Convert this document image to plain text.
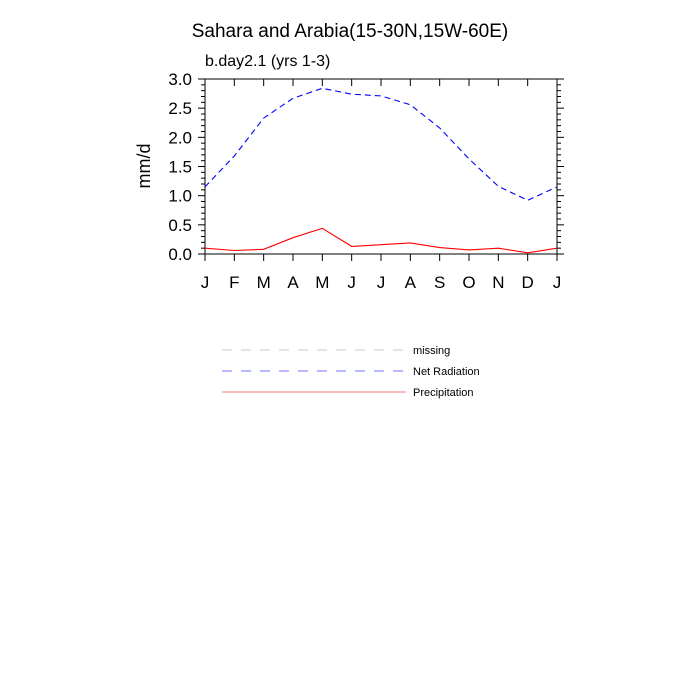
Sahara and Arabia(15-30N,15W-60E)
b.day2.1 (yrs 1-3)
J F M A M J J A S O N D J
0.0
0.5
1.0
1.5
2.0
2.5
3.0
mm/d
missing
Net Radiation
Precipitation
